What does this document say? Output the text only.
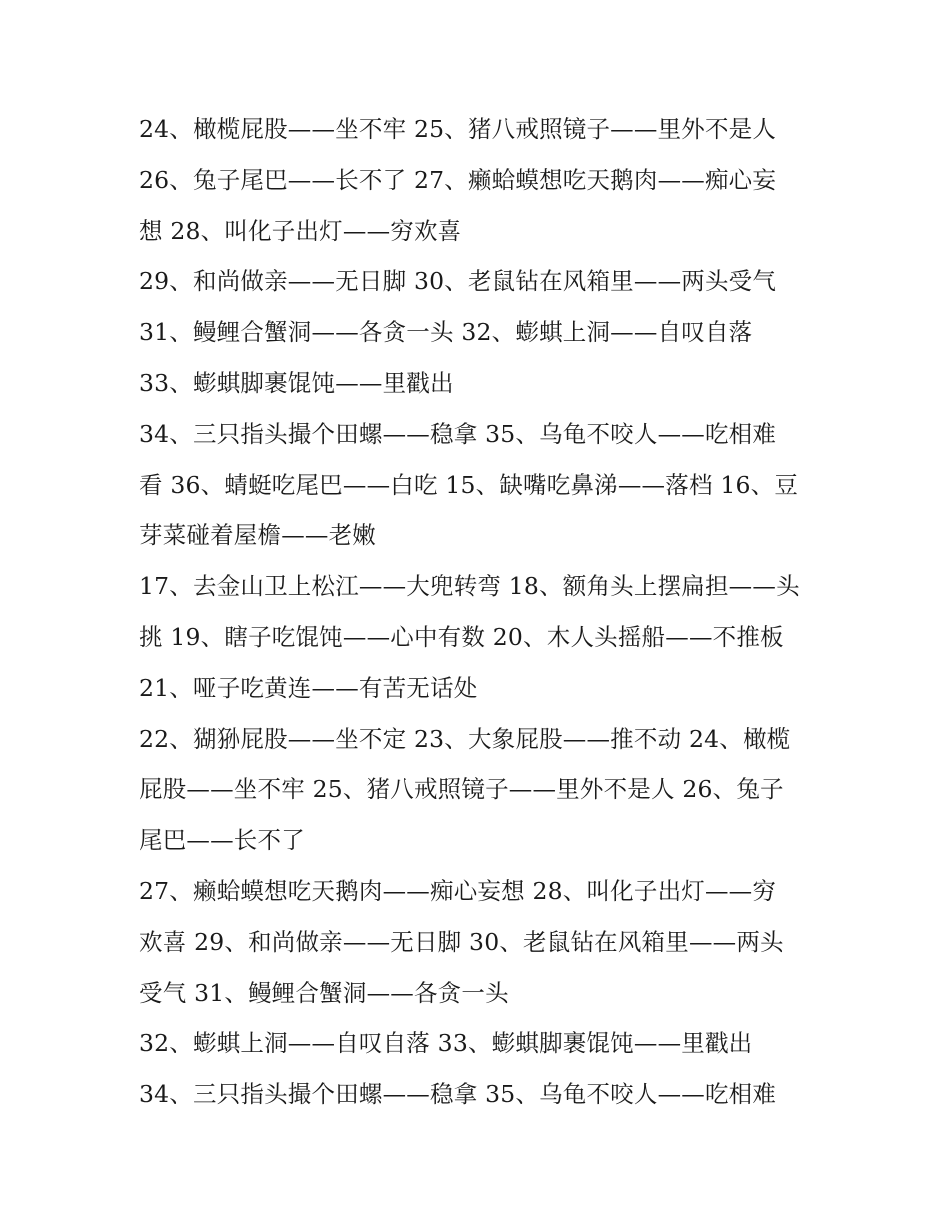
24、橄榄屁股——坐不牢 25、猪八戒照镜子——里外不是人
26、兔子尾巴——长不了 27、癞蛤蟆想吃天鹅肉——痴心妄
想 28、叫化子出灯——穷欢喜
29、和尚做亲——无日脚 30、老鼠钻在风箱里——两头受气
31、鳗鲤合蟹洞——各贪一头 32、蟛蜞上洞——自叹自落
33、蟛蜞脚裹馄饨——里戳出
34、三只指头撮个田螺——稳拿 35、乌龟不咬人——吃相难
看 36、蜻蜓吃尾巴——白吃 15、缺嘴吃鼻涕——落档 16、豆
芽菜碰着屋檐——老嫩
17、去金山卫上松江——大兜转弯 18、额角头上摆扁担——头
挑 19、瞎子吃馄饨——心中有数 20、木人头摇船——不推板
21、哑子吃黄连——有苦无话处
22、猢狲屁股——坐不定 23、大象屁股——推不动 24、橄榄
屁股——坐不牢 25、猪八戒照镜子——里外不是人 26、兔子
尾巴——长不了
27、癞蛤蟆想吃天鹅肉——痴心妄想 28、叫化子出灯——穷
欢喜 29、和尚做亲——无日脚 30、老鼠钻在风箱里——两头
受气 31、鳗鲤合蟹洞——各贪一头
32、蟛蜞上洞——自叹自落 33、蟛蜞脚裹馄饨——里戳出
34、三只指头撮个田螺——稳拿 35、乌龟不咬人——吃相难
